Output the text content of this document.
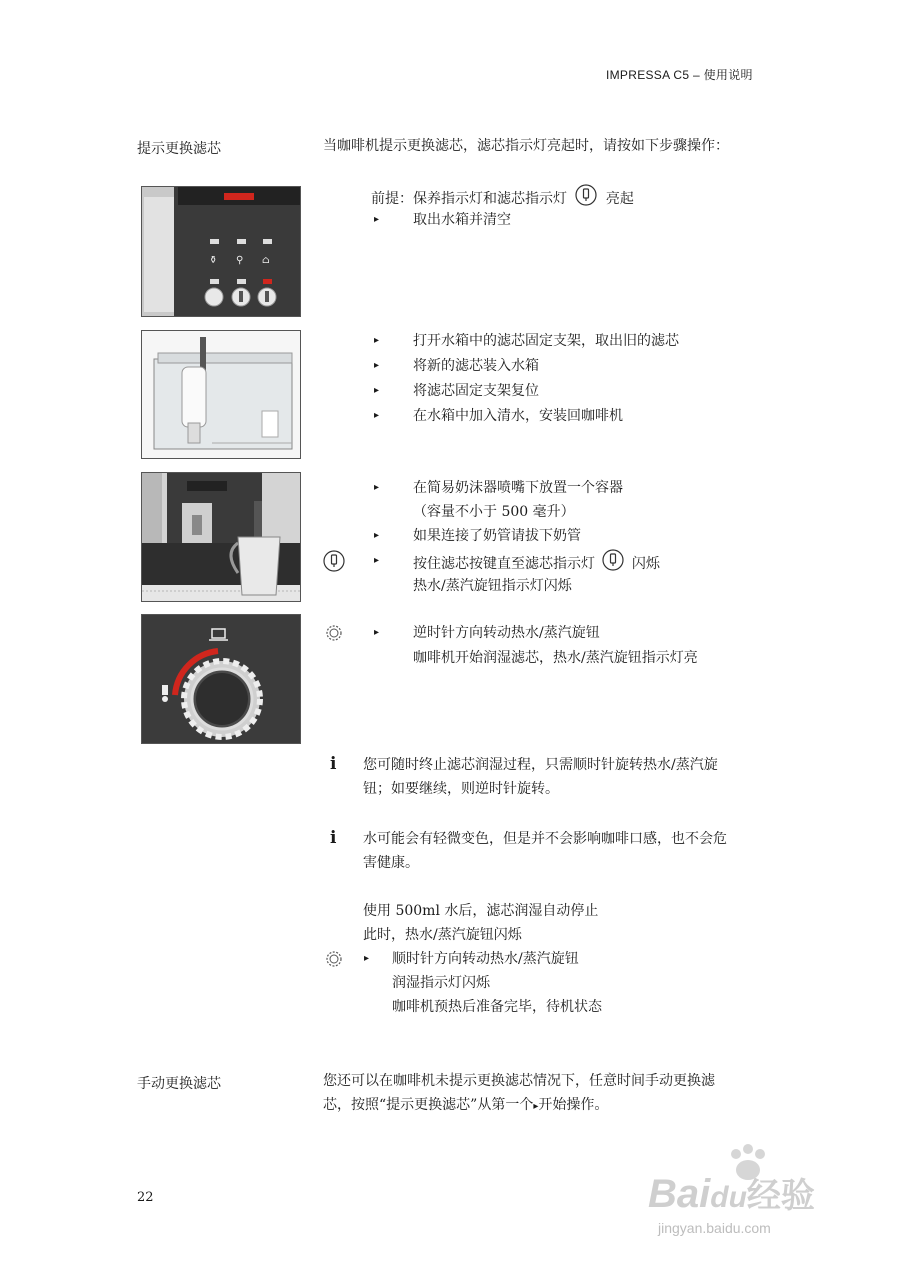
IMPRESSA C5 – 使用说明
提示更换滤芯	当咖啡机提示更换滤芯，滤芯指示灯亮起时，请按如下步骤操作：
⚱ ⚲ ⌂
前提：保养指示灯和滤芯指示灯	亮起
▸ 取出水箱并清空
▸ 打开水箱中的滤芯固定支架，取出旧的滤芯
▸ 将新的滤芯装入水箱
▸ 将滤芯固定支架复位
▸ 在水箱中加入清水，安装回咖啡机
▸ 在简易奶沫器喷嘴下放置一个容器
（容量不小于 500 毫升）
▸ 如果连接了奶管请拔下奶管
▸ 按住滤芯按键直至滤芯指示灯	闪烁
热水/蒸汽旋钮指示灯闪烁
▸ 逆时针方向转动热水/蒸汽旋钮
咖啡机开始润湿滤芯，热水/蒸汽旋钮指示灯亮
i 您可随时终止滤芯润湿过程，只需顺时针旋转热水/蒸汽旋
钮；如要继续，则逆时针旋转。
i 水可能会有轻微变色，但是并不会影响咖啡口感，也不会危
害健康。
使用 500ml 水后，滤芯润湿自动停止
此时，热水/蒸汽旋钮闪烁
▸ 顺时针方向转动热水/蒸汽旋钮
润湿指示灯闪烁
咖啡机预热后准备完毕，待机状态
手动更换滤芯	您还可以在咖啡机未提示更换滤芯情况下，任意时间手动更换滤
芯，按照“提示更换滤芯”从第一个▸开始操作。
22	Baidu经验
jingyan.baidu.com
